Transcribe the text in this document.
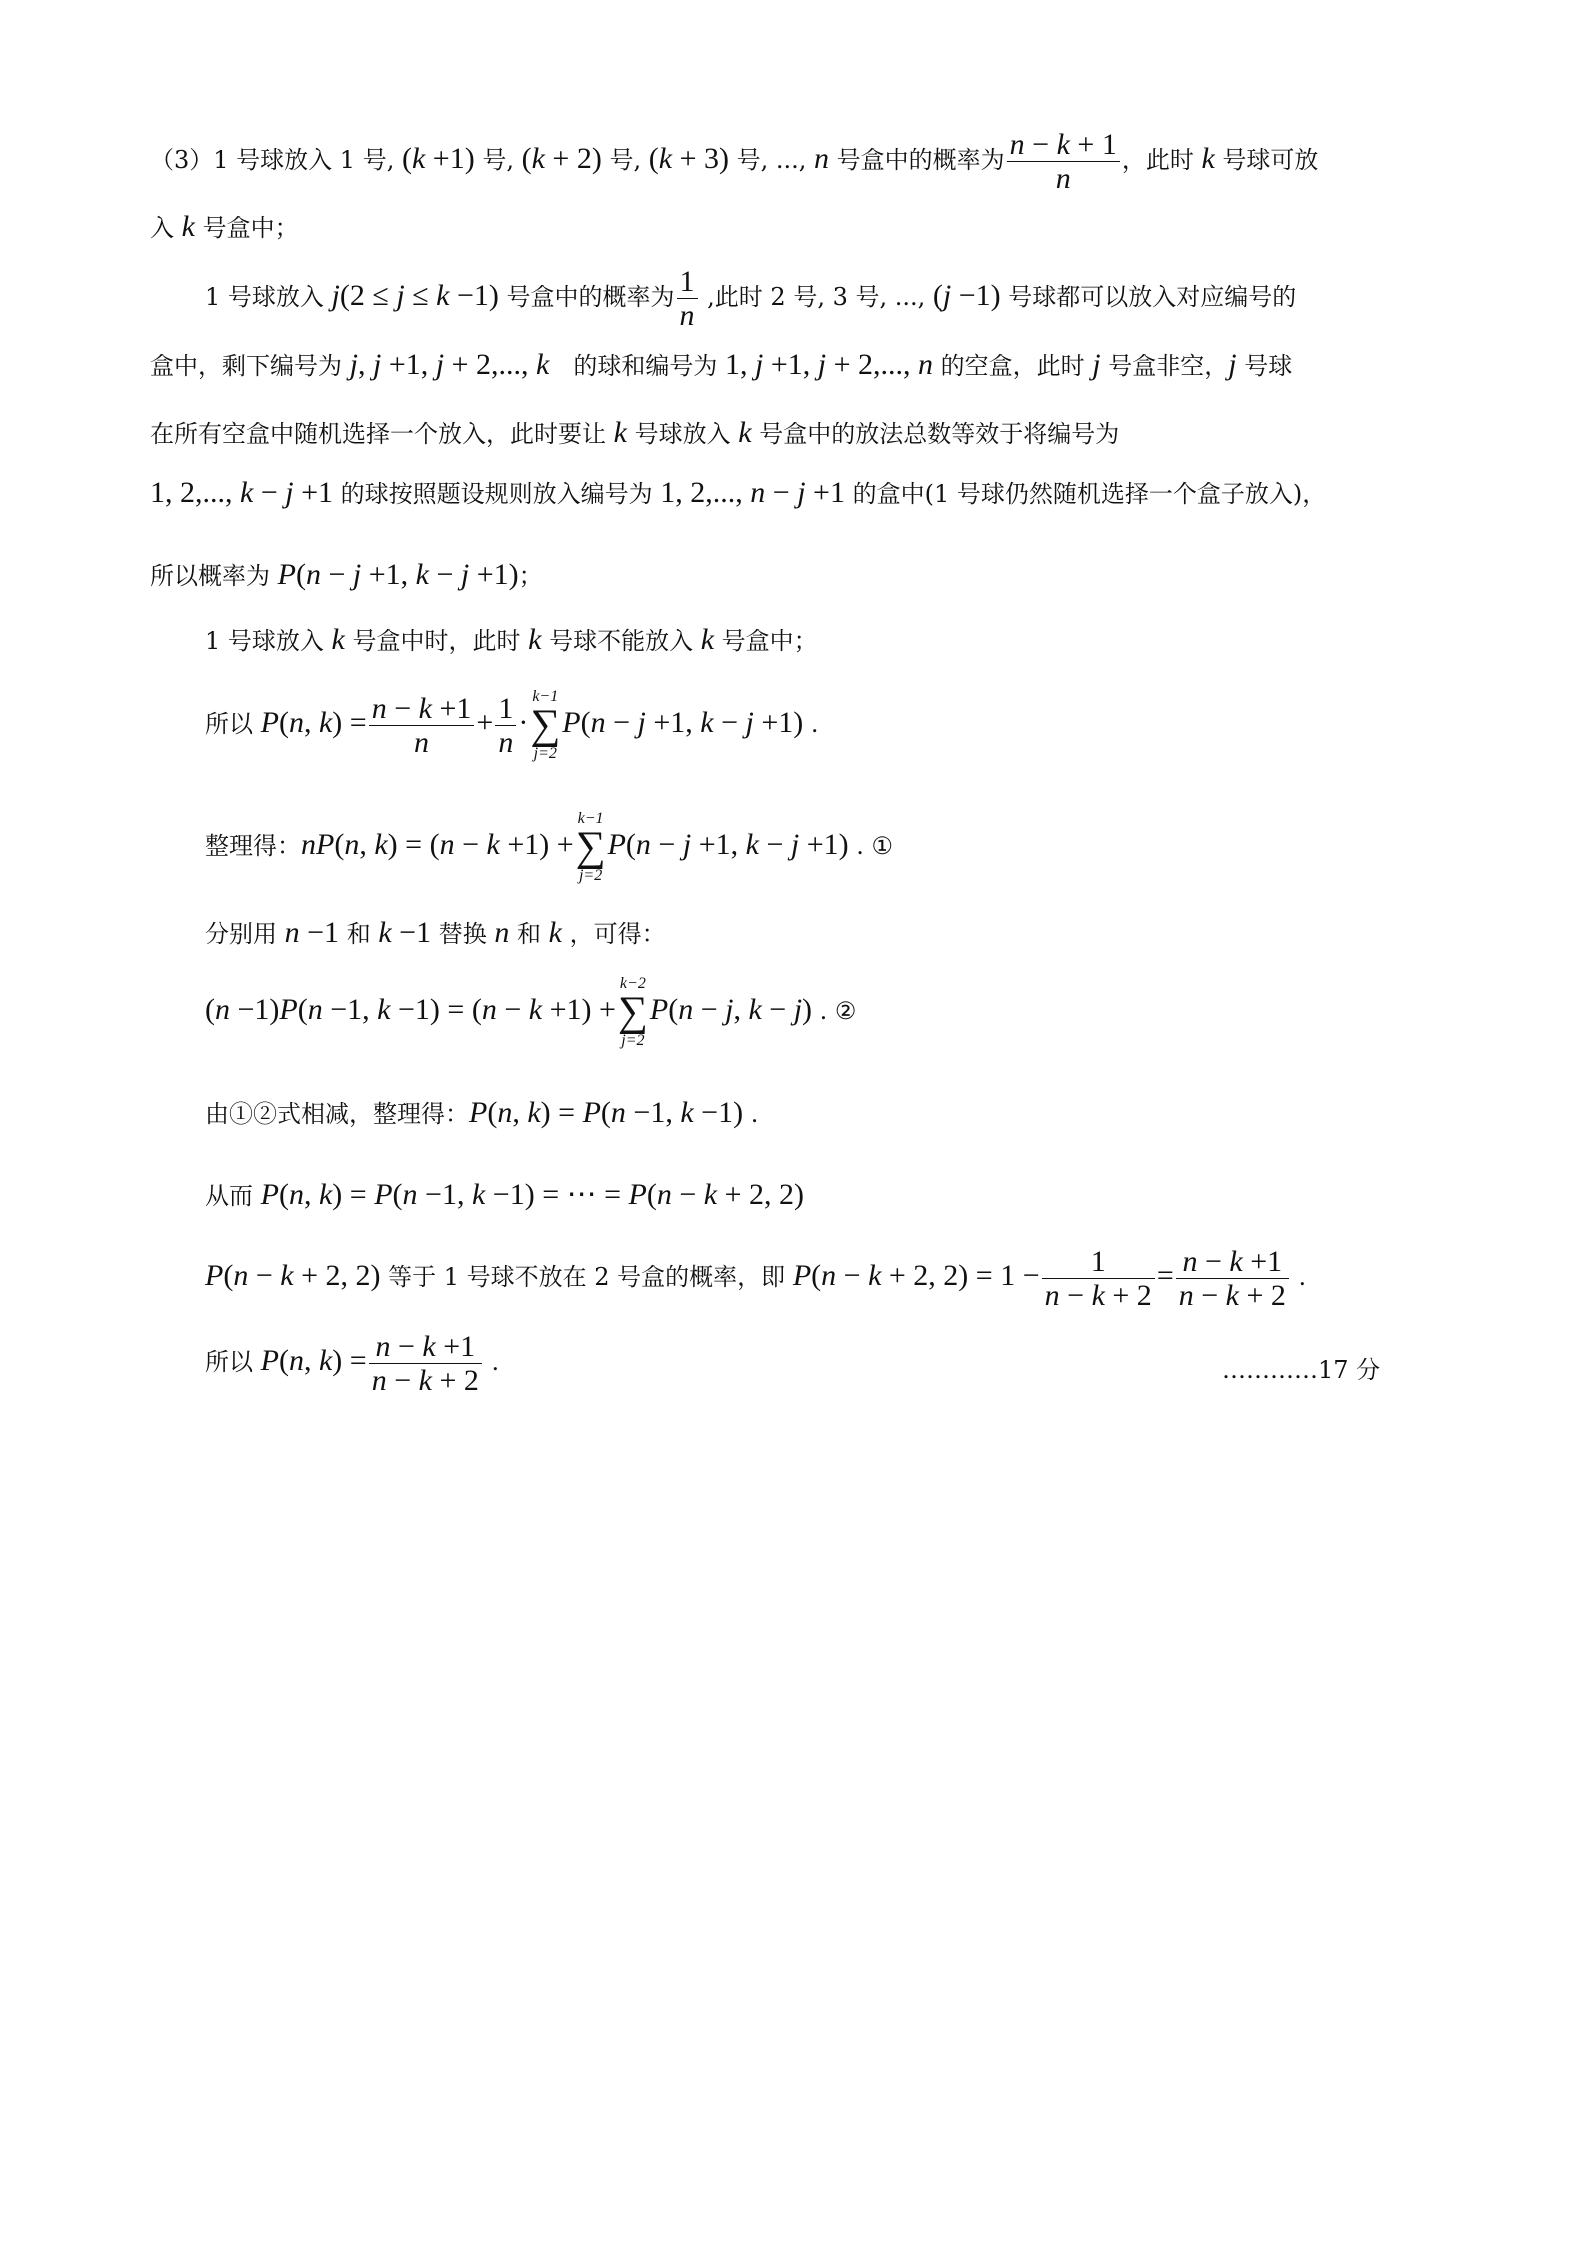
…………17 分
（3）1 号球放入 1 号, (k +1) 号, (k + 2) 号, (k + 3) 号, ..., n 号盒中的概率为 $\frac{n - k + 1}{n}$ ，此时 k 号球可放
入 k 号盒中；
1 号球放入 j(2 ≤ j ≤ k −1) 号盒中的概率为 $\frac{1}{n}$ ,此时 2 号, 3 号, ..., (j −1) 号球都可以放入对应编号的
盒中，剩下编号为 j, j +1, j + 2,..., k　的球和编号为 1, j +1, j + 2,..., n 的空盒，此时 j 号盒非空，j 号球
在所有空盒中随机选择一个放入，此时要让 k 号球放入 k 号盒中的放法总数等效于将编号为
1, 2,..., k − j +1 的球按照题设规则放入编号为 1, 2,..., n − j +1 的盒中(1 号球仍然随机选择一个盒子放入)，
所以概率为 P(n − j +1, k − j +1)；
1 号球放入 k 号盒中时，此时 k 号球不能放入 k 号盒中；
所以 P(n, $k) = \frac{n - k +1}{n} + \frac{1}{n}$ ·
k−1
∑
j=2
P(n − j +1, k − j +1) .
整理得：nP(n, k) = (n − k +1) +
k−1
∑
j=2
P(n − j +1, k − j +1) . ①
分别用 n −1 和 k −1 替换 n 和 k ，可得：
(n −1)P(n −1, k −1) = (n − k +1) +
k−2
∑
j=2
P(n − j, k − j) . ②
由①②式相减，整理得：P(n, k) = P(n −1, k −1) .
从而 P(n, k) = P(n −1, k −1) = ⋯ = P(n − k + 2, 2)
P(n − k + 2, 2) 等于 1 号球不放在 2 号盒的概率，即 P(n − k + 2, $2) = 1 - \frac{1}{n - k + 2} = \frac{n - k +1}{n - k + 2}$ .
所以 P(n, $k) = \frac{n - k +1}{n - k + 2}$ .
